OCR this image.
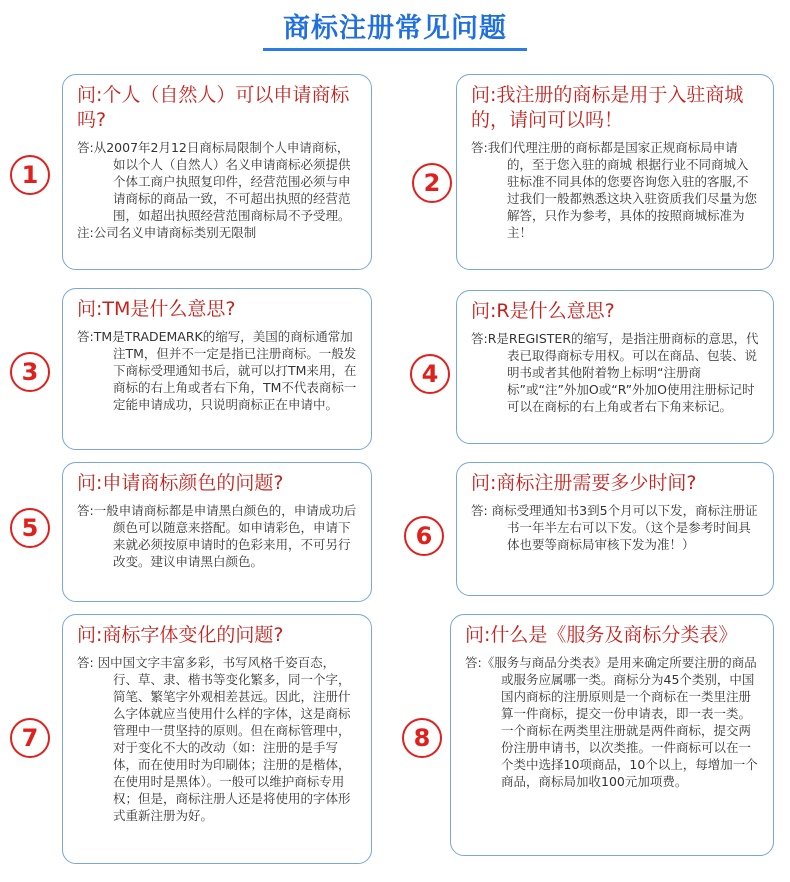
商标注册常见问题
1

问:个人（自然人）可以申请商标吗?

答:从2007年2月12日商标局限制个人申请商标，如以个人（自然人）名义申请商标必须提供个体工商户执照复印件，经营范围必须与申请商标的商品一致，不可超出执照的经营范围，如超出执照经营范围商标局不予受理。

注:公司名义申请商标类别无限制

2

问:我注册的商标是用于入驻商城的，请问可以吗！

答:我们代理注册的商标都是国家正规商标局申请的，至于您入驻的商城 根据行业不同商城入驻标准不同具体的您要咨询您入驻的客服,不过我们一般都熟悉这块入驻资质我们尽量为您解答，只作为参考，具体的按照商城标准为主！

3

问:TM是什么意思?

答:TM是TRADEMARK的缩写，美国的商标通常加注TM，但并不一定是指已注册商标。一般发下商标受理通知书后，就可以打TM来用，在商标的右上角或者右下角，TM不代表商标一定能申请成功，只说明商标正在申请中。

4

问:R是什么意思?

答:R是REGISTER的缩写，是指注册商标的意思，代表已取得商标专用权。可以在商品、包装、说明书或者其他附着物上标明“注册商标”或“注”外加O或“R”外加O使用注册标记时可以在商标的右上角或者右下角来标记。

5

问:申请商标颜色的问题?

答:一般申请商标都是申请黑白颜色的，申请成功后颜色可以随意来搭配。如申请彩色，申请下来就必须按原申请时的色彩来用，不可另行改变。建议申请黑白颜色。

6

问:商标注册需要多少时间?

答: 商标受理通知书3到5个月可以下发，商标注册证书一年半左右可以下发。（这个是参考时间具体也要等商标局审核下发为准！）

7

问:商标字体变化的问题?

答: 因中国文字丰富多彩，书写风格千姿百态，行、草、隶、楷书等变化繁多，同一个字，简笔、繁笔字外观相差甚远。因此，注册什么字体就应当使用什么样的字体，这是商标管理中一贯坚持的原则。但在商标管理中，对于变化不大的改动（如：注册的是手写体，而在使用时为印刷体；注册的是楷体，在使用时是黑体）。一般可以维护商标专用权；但是，商标注册人还是将使用的字体形式重新注册为好。

8

问:什么是《服务及商标分类表》

答:《服务与商品分类表》是用来确定所要注册的商品或服务应属哪一类。商标分为45个类别，中国国内商标的注册原则是一个商标在一类里注册算一件商标，提交一份申请表，即一表一类。一个商标在两类里注册就是两件商标，提交两份注册申请书，以次类推。一件商标可以在一个类中选择10项商品，10个以上，每增加一个商品，商标局加收100元加项费。
